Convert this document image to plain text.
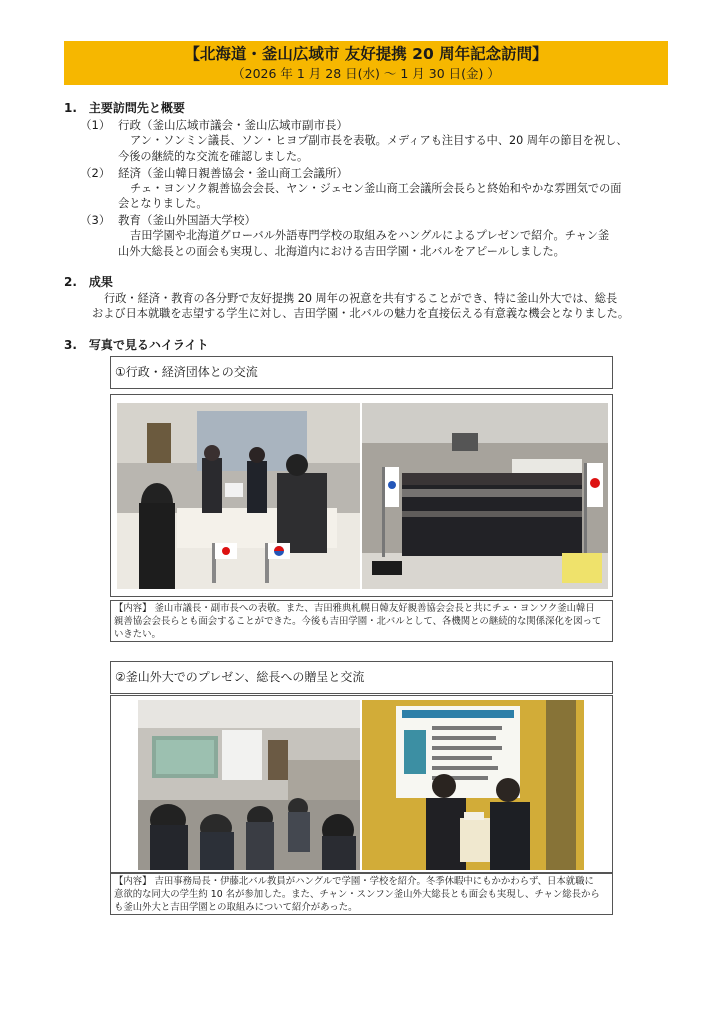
【北海道・釜山広域市 友好提携 20 周年記念訪問】
（2026 年 1 月 28 日(水) 〜 1 月 30 日(金) ）
1.　主要訪問先と概要
（1） 行政（釜山広域市議会・釜山広域市副市長）
アン・ソンミン議長、ソン・ヒヨプ副市長を表敬。メディアも注目する中、20 周年の節目を祝し、
今後の継続的な交流を確認しました。
（2） 経済（釜山韓日親善協会・釜山商工会議所）
チェ・ヨンソク親善協会会長、ヤン・ジェセン釜山商工会議所会長らと終始和やかな雰囲気での面
会となりました。
（3） 教育（釜山外国語大学校）
吉田学園や北海道グローバル外語専門学校の取組みをハングルによるプレゼンで紹介。チャン釜
山外大総長との面会も実現し、北海道内における吉田学園・北バルをアピールしました。
2.　成果
行政・経済・教育の各分野で友好提携 20 周年の祝意を共有することができ、特に釜山外大では、総長
および日本就職を志望する学生に対し、吉田学園・北バルの魅力を直接伝える有意義な機会となりました。
3.　写真で見るハイライト
①行政・経済団体との交流
【内容】 釜山市議長・副市長への表敬。また、吉田雅典札幌日韓友好親善協会会長と共にチェ・ヨンソク釜山韓日
親善協会会長らとも面会することができた。今後も吉田学園・北バルとして、各機関との継続的な関係深化を図って
いきたい。
②釜山外大でのプレゼン、総長への贈呈と交流
【内容】 吉田事務局長・伊藤北バル教員がハングルで学園・学校を紹介。冬季休暇中にもかかわらず、日本就職に
意欲的な同大の学生約 10 名が参加した。また、チャン・スンフン釜山外大総長とも面会も実現し、チャン総長から
も釜山外大と吉田学園との取組みについて紹介があった。
